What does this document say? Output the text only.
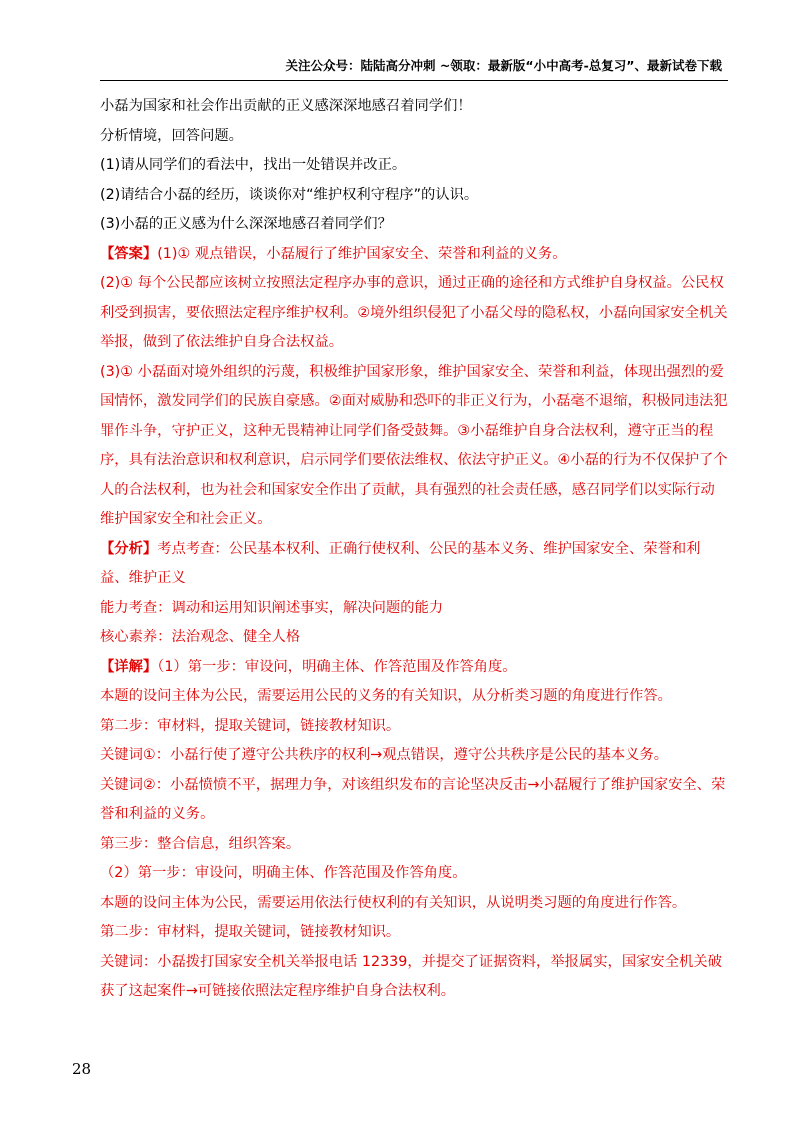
关注公众号：陆陆高分冲刺 ~领取：最新版“小中高考-总复习”、最新试卷下载

小磊为国家和社会作出贡献的正义感深深地感召着同学们！

分析情境，回答问题。

(1)请从同学们的看法中，找出一处错误并改正。

(2)请结合小磊的经历，谈谈你对“维护权利守程序”的认识。

(3)小磊的正义感为什么深深地感召着同学们？

【答案】(1)① 观点错误，小磊履行了维护国家安全、荣誉和利益的义务。

(2)① 每个公民都应该树立按照法定程序办事的意识，通过正确的途径和方式维护自身权益。公民权利受到损害，要依照法定程序维护权利。②境外组织侵犯了小磊父母的隐私权，小磊向国家安全机关举报，做到了依法维护自身合法权益。

(3)① 小磊面对境外组织的污蔑，积极维护国家形象，维护国家安全、荣誉和利益，体现出强烈的爱国情怀，激发同学们的民族自豪感。②面对威胁和恐吓的非正义行为，小磊毫不退缩，积极同违法犯罪作斗争，守护正义，这种无畏精神让同学们备受鼓舞。③小磊维护自身合法权利，遵守正当的程序，具有法治意识和权利意识，启示同学们要依法维权、依法守护正义。④小磊的行为不仅保护了个人的合法权利，也为社会和国家安全作出了贡献，具有强烈的社会责任感，感召同学们以实际行动维护国家安全和社会正义。

【分析】考点考查：公民基本权利、正确行使权利、公民的基本义务、维护国家安全、荣誉和利益、维护正义

能力考查：调动和运用知识阐述事实，解决问题的能力

核心素养：法治观念、健全人格

【详解】（1）第一步：审设问，明确主体、作答范围及作答角度。

本题的设问主体为公民，需要运用公民的义务的有关知识，从分析类习题的角度进行作答。

第二步：审材料，提取关键词，链接教材知识。

关键词①：小磊行使了遵守公共秩序的权利→观点错误，遵守公共秩序是公民的基本义务。

关键词②：小磊愤愤不平，据理力争，对该组织发布的言论坚决反击→小磊履行了维护国家安全、荣誉和利益的义务。

第三步：整合信息，组织答案。

（2）第一步：审设问，明确主体、作答范围及作答角度。

本题的设问主体为公民，需要运用依法行使权利的有关知识，从说明类习题的角度进行作答。

第二步：审材料，提取关键词，链接教材知识。

关键词：小磊拨打国家安全机关举报电话 12339，并提交了证据资料，举报属实，国家安全机关破获了这起案件→可链接依照法定程序维护自身合法权利。

28
